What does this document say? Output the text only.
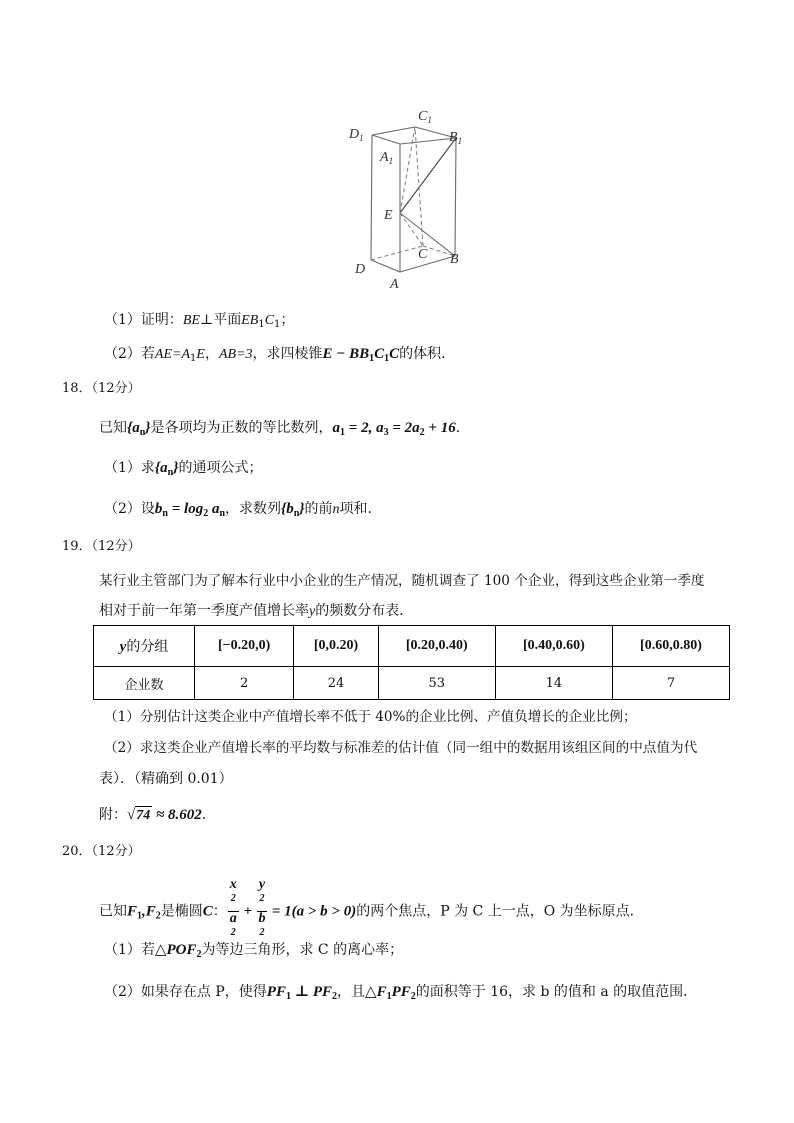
$C_1$
$D_1$	$B_1$
$A_1$
E
C
D
B
A
（1）证明：BE⊥平面$EB_1C_1$；
（2）若$AE=A_1E$，AB=3，求四棱锥$E - BB_1C_1C$的体积．
18．（12分）
已知$\{a_n\}$是各项均为正数的等比数列，$a_1 = 2$, $a_3 = 2a_2 + 16$．
（1）求$\{a_n\}$的通项公式；
（2）设$b_n = \log_2 a_n$，求数列$\{b_n\}$的前n项和．
19．（12分）
某行业主管部门为了解本行业中小企业的生产情况，随机调查了 100 个企业，得到这些企业第一季度
相对于前一年第一季度产值增长率y的频数分布表．
y的分组	[−0.20,0)	[0,0.20)	[0.20,0.40)	[0.40,0.60)	[0.60,0.80)
企业数	2	24	53	14	7
（1）分别估计这类企业中产值增长率不低于 40%的企业比例、产值负增长的企业比例；
（2）求这类企业产值增长率的平均数与标准差的估计值（同一组中的数据用该组区间的中点值为代
表）．（精确到 0.01）
附：√74 ≈ 8.602．
20．（12分）
已知$F_1,F_2$是椭圆C： x
$^2$
a
$^2$ + y
$^2$
b
$^2$ = 1(a > b > 0)的两个焦点，P 为 C 上一点，O 为坐标原点．
（1）若$\triangle POF_2$为等边三角形，求 C 的离心率；
（2）如果存在点 P，使得$PF_1$ ⊥ $PF_2$，且$\triangle F_1PF_2$的面积等于 16，求 b 的值和 a 的取值范围．
